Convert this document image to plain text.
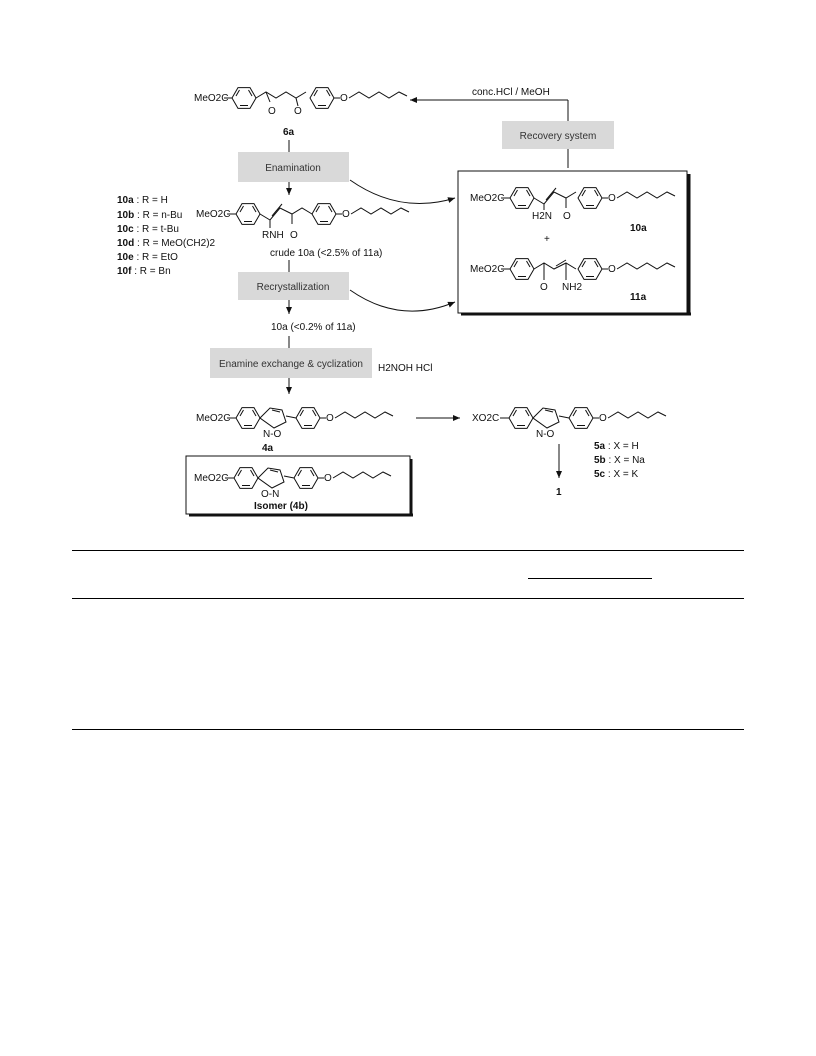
MeO2C
O O
O
6a
conc.HCl / MeOH
Recovery system
Enamination
10a : R = H
10b : R = n-Bu
10c : R = t-Bu
10d : R = MeO(CH2)2
10e : R = EtO
10f : R = Bn
MeO2C
RNH O
O
crude 10a (<2.5% of 11a)
Recrystallization
10a (<0.2% of 11a)
Enamine exchange & cyclization H2NOH HCl
MeO2C
H2N O
O
10a
+
MeO2C
O NH2
O
11a
MeO2C
N-O
O
4a
XO2C
N-O
O
5a : X = H
5b : X = Na
5c : X = K
1
MeO2C
O-N
O
Isomer (4b)
